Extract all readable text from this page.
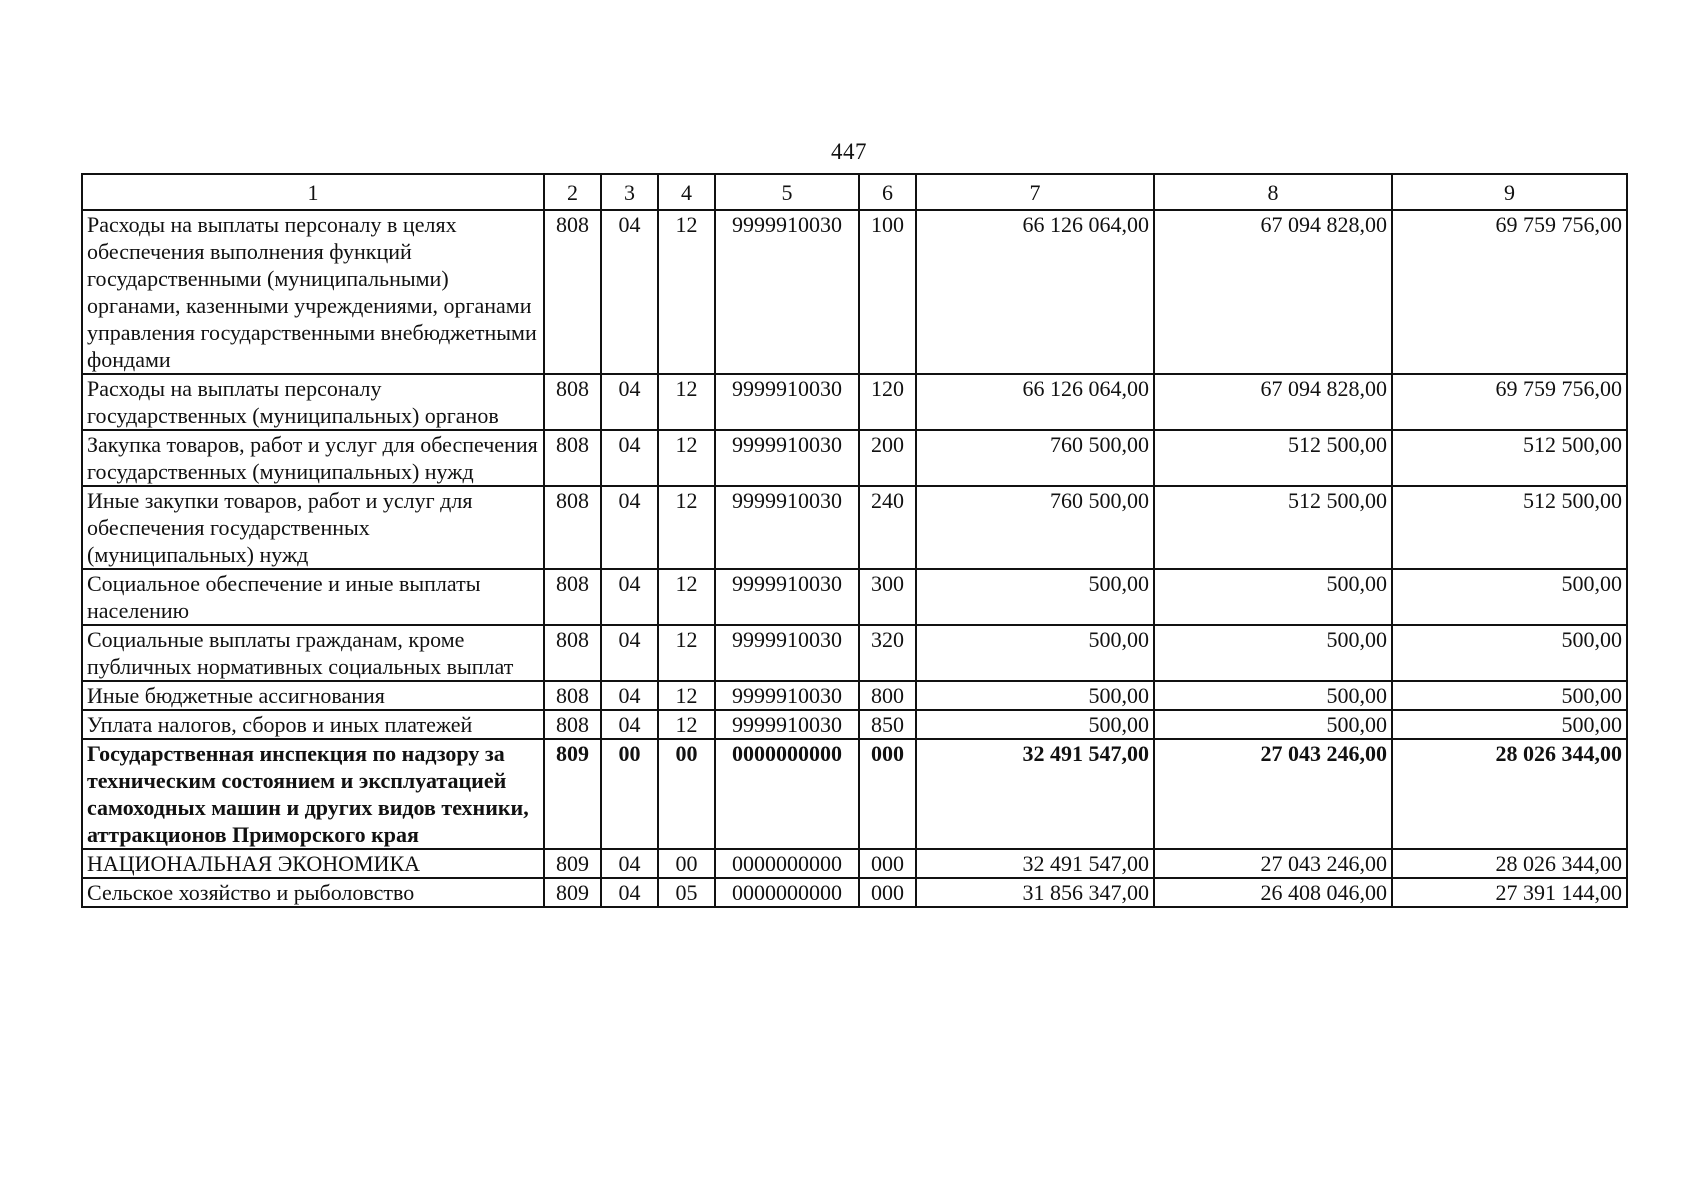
447
1	2	3	4	5	6	7	8	9
Расходы на выплаты персоналу в целях обеспечения выполнения функций государственными (муниципальными) органами, казенными учреждениями, органами управления государственными внебюджетными фондами	808	04	12	9999910030	100	66 126 064,00	67 094 828,00	69 759 756,00
Расходы на выплаты персоналу государственных (муниципальных) органов	808	04	12	9999910030	120	66 126 064,00	67 094 828,00	69 759 756,00
Закупка товаров, работ и услуг для обеспечения государственных (муниципальных) нужд	808	04	12	9999910030	200	760 500,00	512 500,00	512 500,00
Иные закупки товаров, работ и услуг для обеспечения государственных (муниципальных) нужд	808	04	12	9999910030	240	760 500,00	512 500,00	512 500,00
Социальное обеспечение и иные выплаты населению	808	04	12	9999910030	300	500,00	500,00	500,00
Социальные выплаты гражданам, кроме публичных нормативных социальных выплат	808	04	12	9999910030	320	500,00	500,00	500,00
Иные бюджетные ассигнования	808	04	12	9999910030	800	500,00	500,00	500,00
Уплата налогов, сборов и иных платежей	808	04	12	9999910030	850	500,00	500,00	500,00
Государственная инспекция по надзору за техническим состоянием и эксплуатацией самоходных машин и других видов техники, аттракционов Приморского края	809	00	00	0000000000	000	32 491 547,00	27 043 246,00	28 026 344,00
НАЦИОНАЛЬНАЯ ЭКОНОМИКА	809	04	00	0000000000	000	32 491 547,00	27 043 246,00	28 026 344,00
Сельское хозяйство и рыболовство	809	04	05	0000000000	000	31 856 347,00	26 408 046,00	27 391 144,00
